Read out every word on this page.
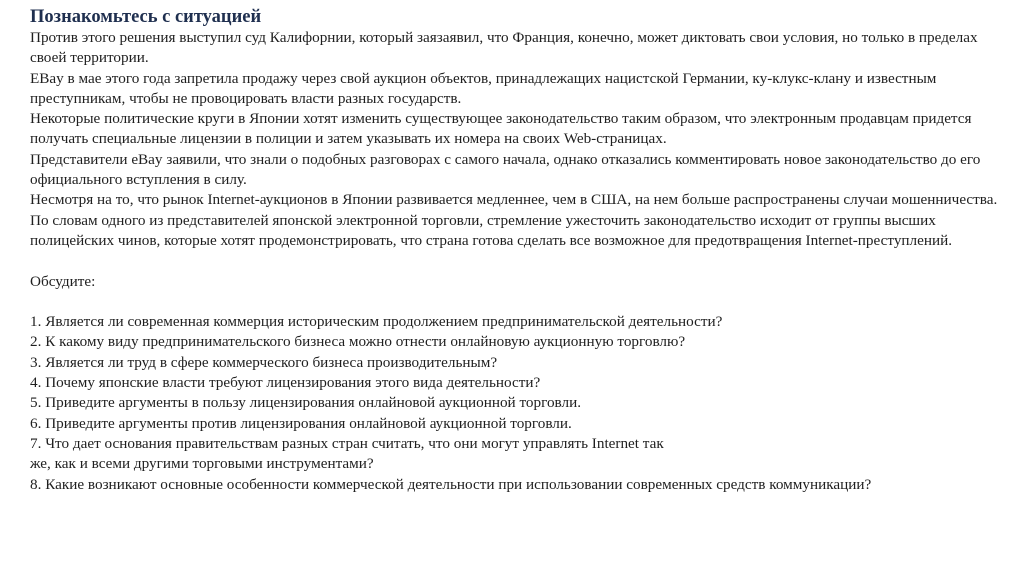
Познакомьтесь с ситуацией

Против этого решения выступил суд Калифорнии, который заязаявил, что Франция, конечно, может диктовать свои условия, но только в пределах своей территории.

EBay в мае этого года запретила продажу через свой аукцион объектов, принадлежащих нацистской Германии, ку-клукс-клану и известным преступникам, чтобы не провоцировать власти разных государств.

Некоторые политические круги в Японии хотят изменить существующее законодательство таким образом, что электронным продавцам придется получать специальные лицензии в полиции и затем указывать их номера на своих Web-страницах.

Представители eBay заявили, что знали о подобных разговорах с самого начала, однако отказались комментировать новое законодательство до его официального вступления в силу.

Несмотря на то, что рынок Internet-аукционов в Японии развивается медленнее, чем в США, на нем больше распространены случаи мошенничества. По словам одного из представителей японской электронной торговли, стремление ужесточить законодательство исходит от группы высших полицейских чинов, которые хотят продемонстрировать, что страна готова сделать все возможное для предотвращения Internet-преступлений.

Обсудите:

1. Является ли современная коммерция историческим продолжением предпринимательской деятельности?

2. К какому виду предпринимательского бизнеса можно отнести онлайновую аукционную торговлю?

3. Является ли труд в сфере коммерческого бизнеса производительным?

4. Почему японские власти требуют лицензирования этого вида деятельности?

5. Приведите аргументы в пользу лицензирования онлайновой аукционной торговли.

6. Приведите аргументы против лицензирования онлайновой аукционной торговли.

7. Что дает основания правительствам разных стран считать, что они могут управлять Internet так

же, как и всеми другими торговыми инструментами?

8. Какие возникают основные особенности коммерческой деятельности при использовании современных средств коммуникации?
